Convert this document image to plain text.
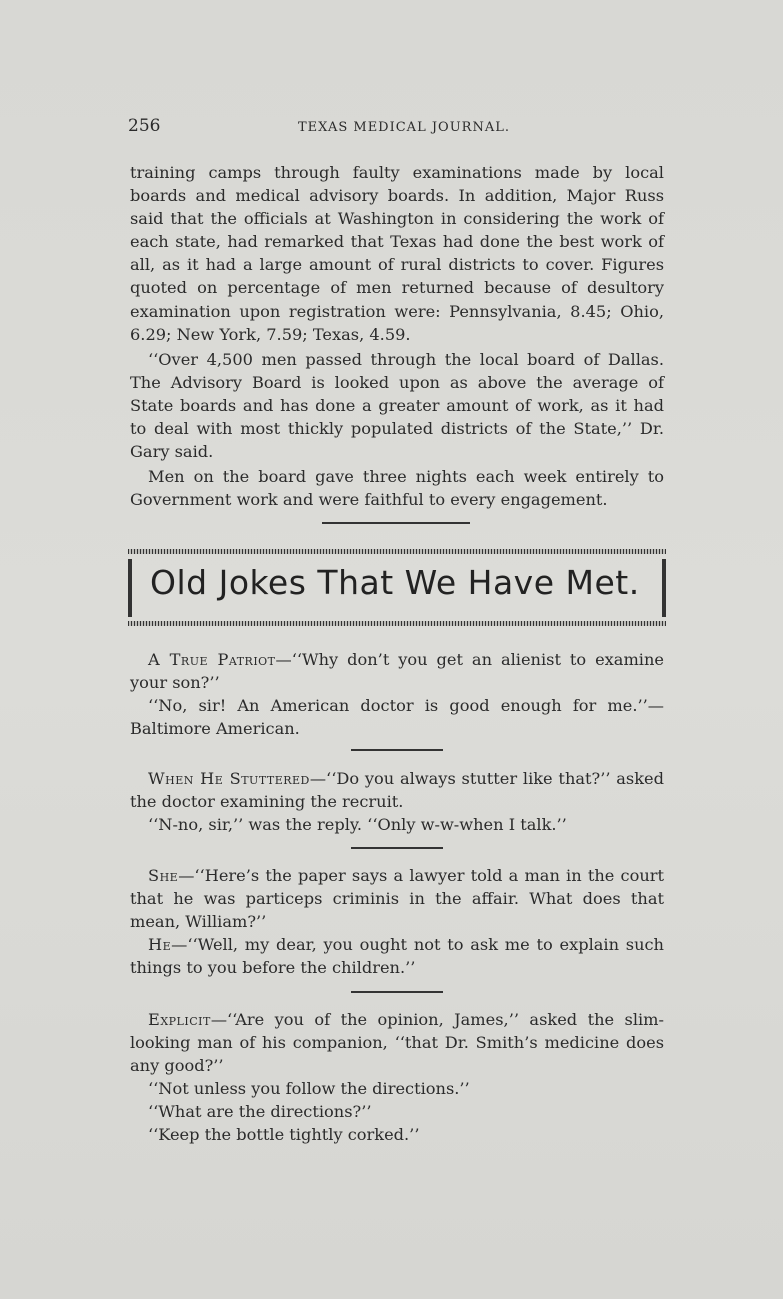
256	TEXAS MEDICAL JOURNAL.

training camps through faulty examinations made by local boards and medical advisory boards. In addition, Major Russ said that the officials at Washington in considering the work of each state, had remarked that Texas had done the best work of all, as it had a large amount of rural districts to cover. Figures quoted on percentage of men returned because of desultory examination upon registration were: Pennsylvania, 8.45; Ohio, 6.29; New York, 7.59; Texas, 4.59.

‘‘Over 4,500 men passed through the local board of Dallas. The Advisory Board is looked upon as above the average of State boards and has done a greater amount of work, as it had to deal with most thickly populated districts of the State,’’ Dr. Gary said.

Men on the board gave three nights each week entirely to Government work and were faithful to every engagement.

Old Jokes That We Have Met.

A True Patriot—‘‘Why don’t you get an alienist to examine your son?’’

‘‘No, sir! An American doctor is good enough for me.’’—Baltimore American.

When He Stuttered—‘‘Do you always stutter like that?’’ asked the doctor examining the recruit.

‘‘N-no, sir,’’ was the reply. ‘‘Only w-w-when I talk.’’

She—‘‘Here’s the paper says a lawyer told a man in the court that he was particeps criminis in the affair. What does that mean, William?’’

He—‘‘Well, my dear, you ought not to ask me to explain such things to you before the children.’’

Explicit—‘‘Are you of the opinion, James,’’ asked the slim-looking man of his companion, ‘‘that Dr. Smith’s medicine does any good?’’

‘‘Not unless you follow the directions.’’

‘‘What are the directions?’’

‘‘Keep the bottle tightly corked.’’
